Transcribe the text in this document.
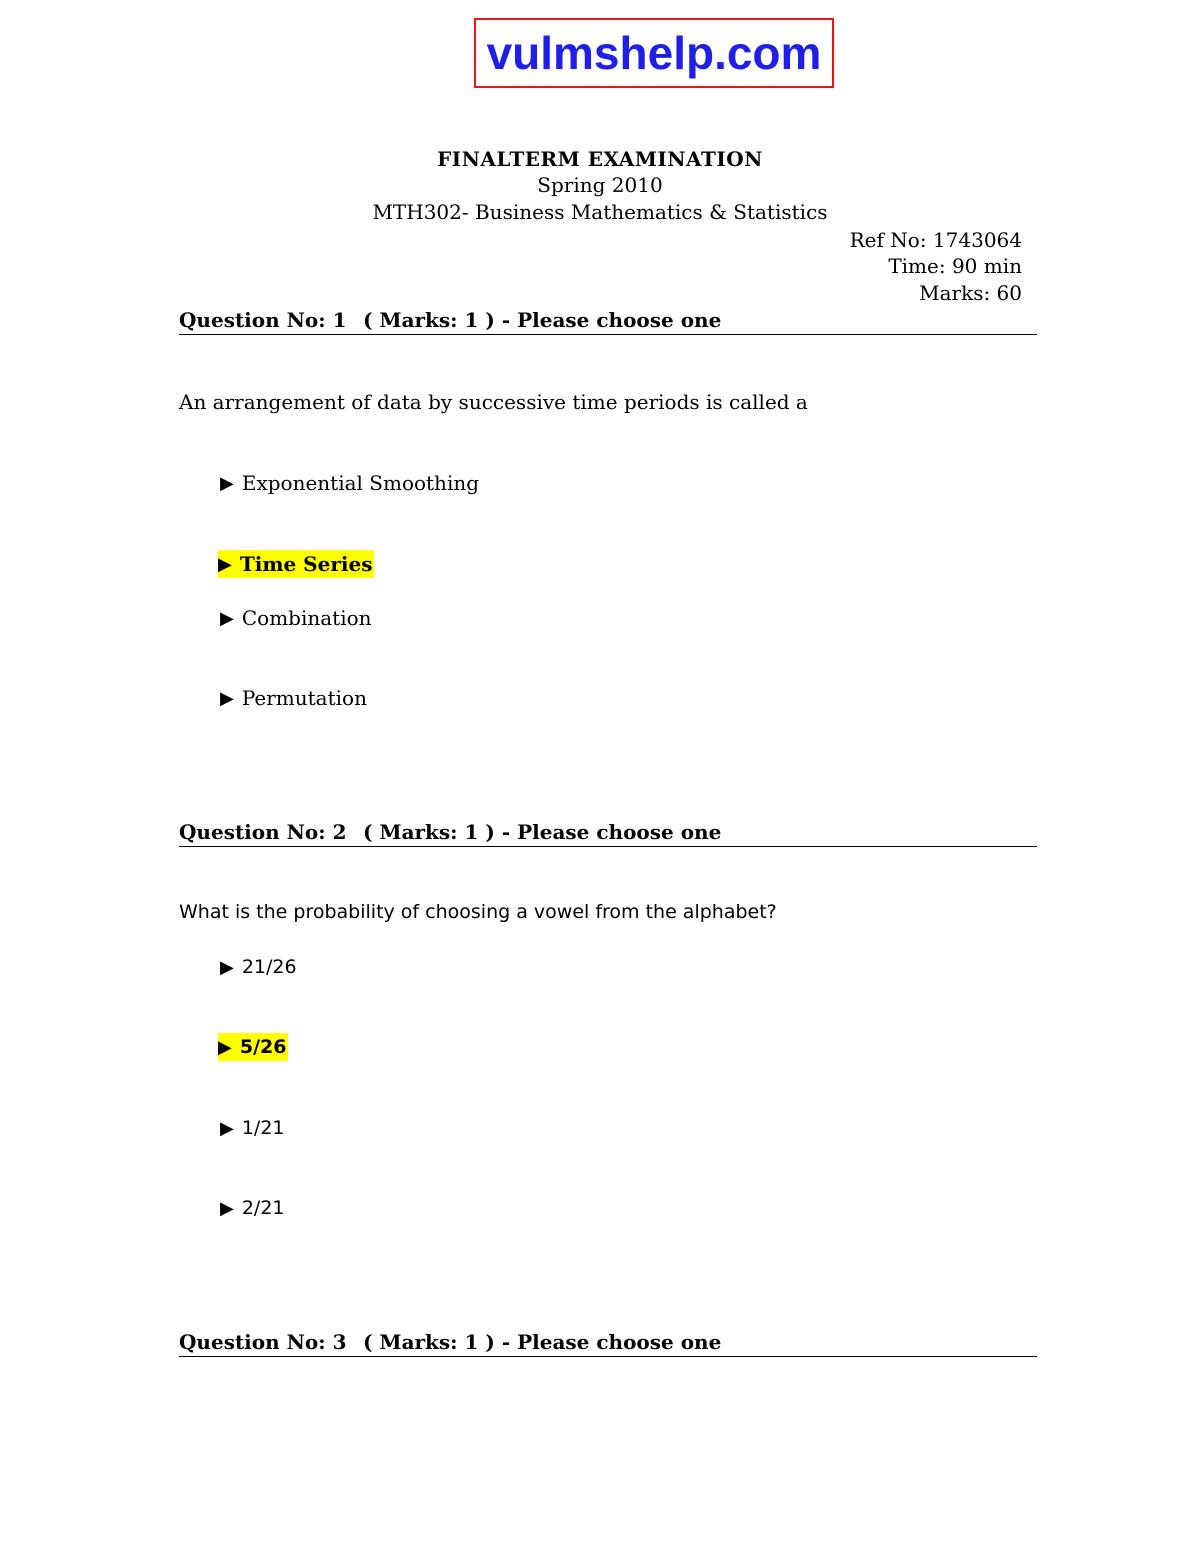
vulmshelp.com
FINALTERM EXAMINATION
Spring 2010
MTH302- Business Mathematics & Statistics
Ref No: 1743064
Time: 90 min
Marks: 60
Question No: 1 ( Marks: 1 ) - Please choose one
An arrangement of data by successive time periods is called a
▶ Exponential Smoothing
▶ Time Series
▶ Combination
▶ Permutation
Question No: 2 ( Marks: 1 ) - Please choose one
What is the probability of choosing a vowel from the alphabet?
▶ 21/26
▶ 5/26
▶ 1/21
▶ 2/21
Question No: 3 ( Marks: 1 ) - Please choose one
